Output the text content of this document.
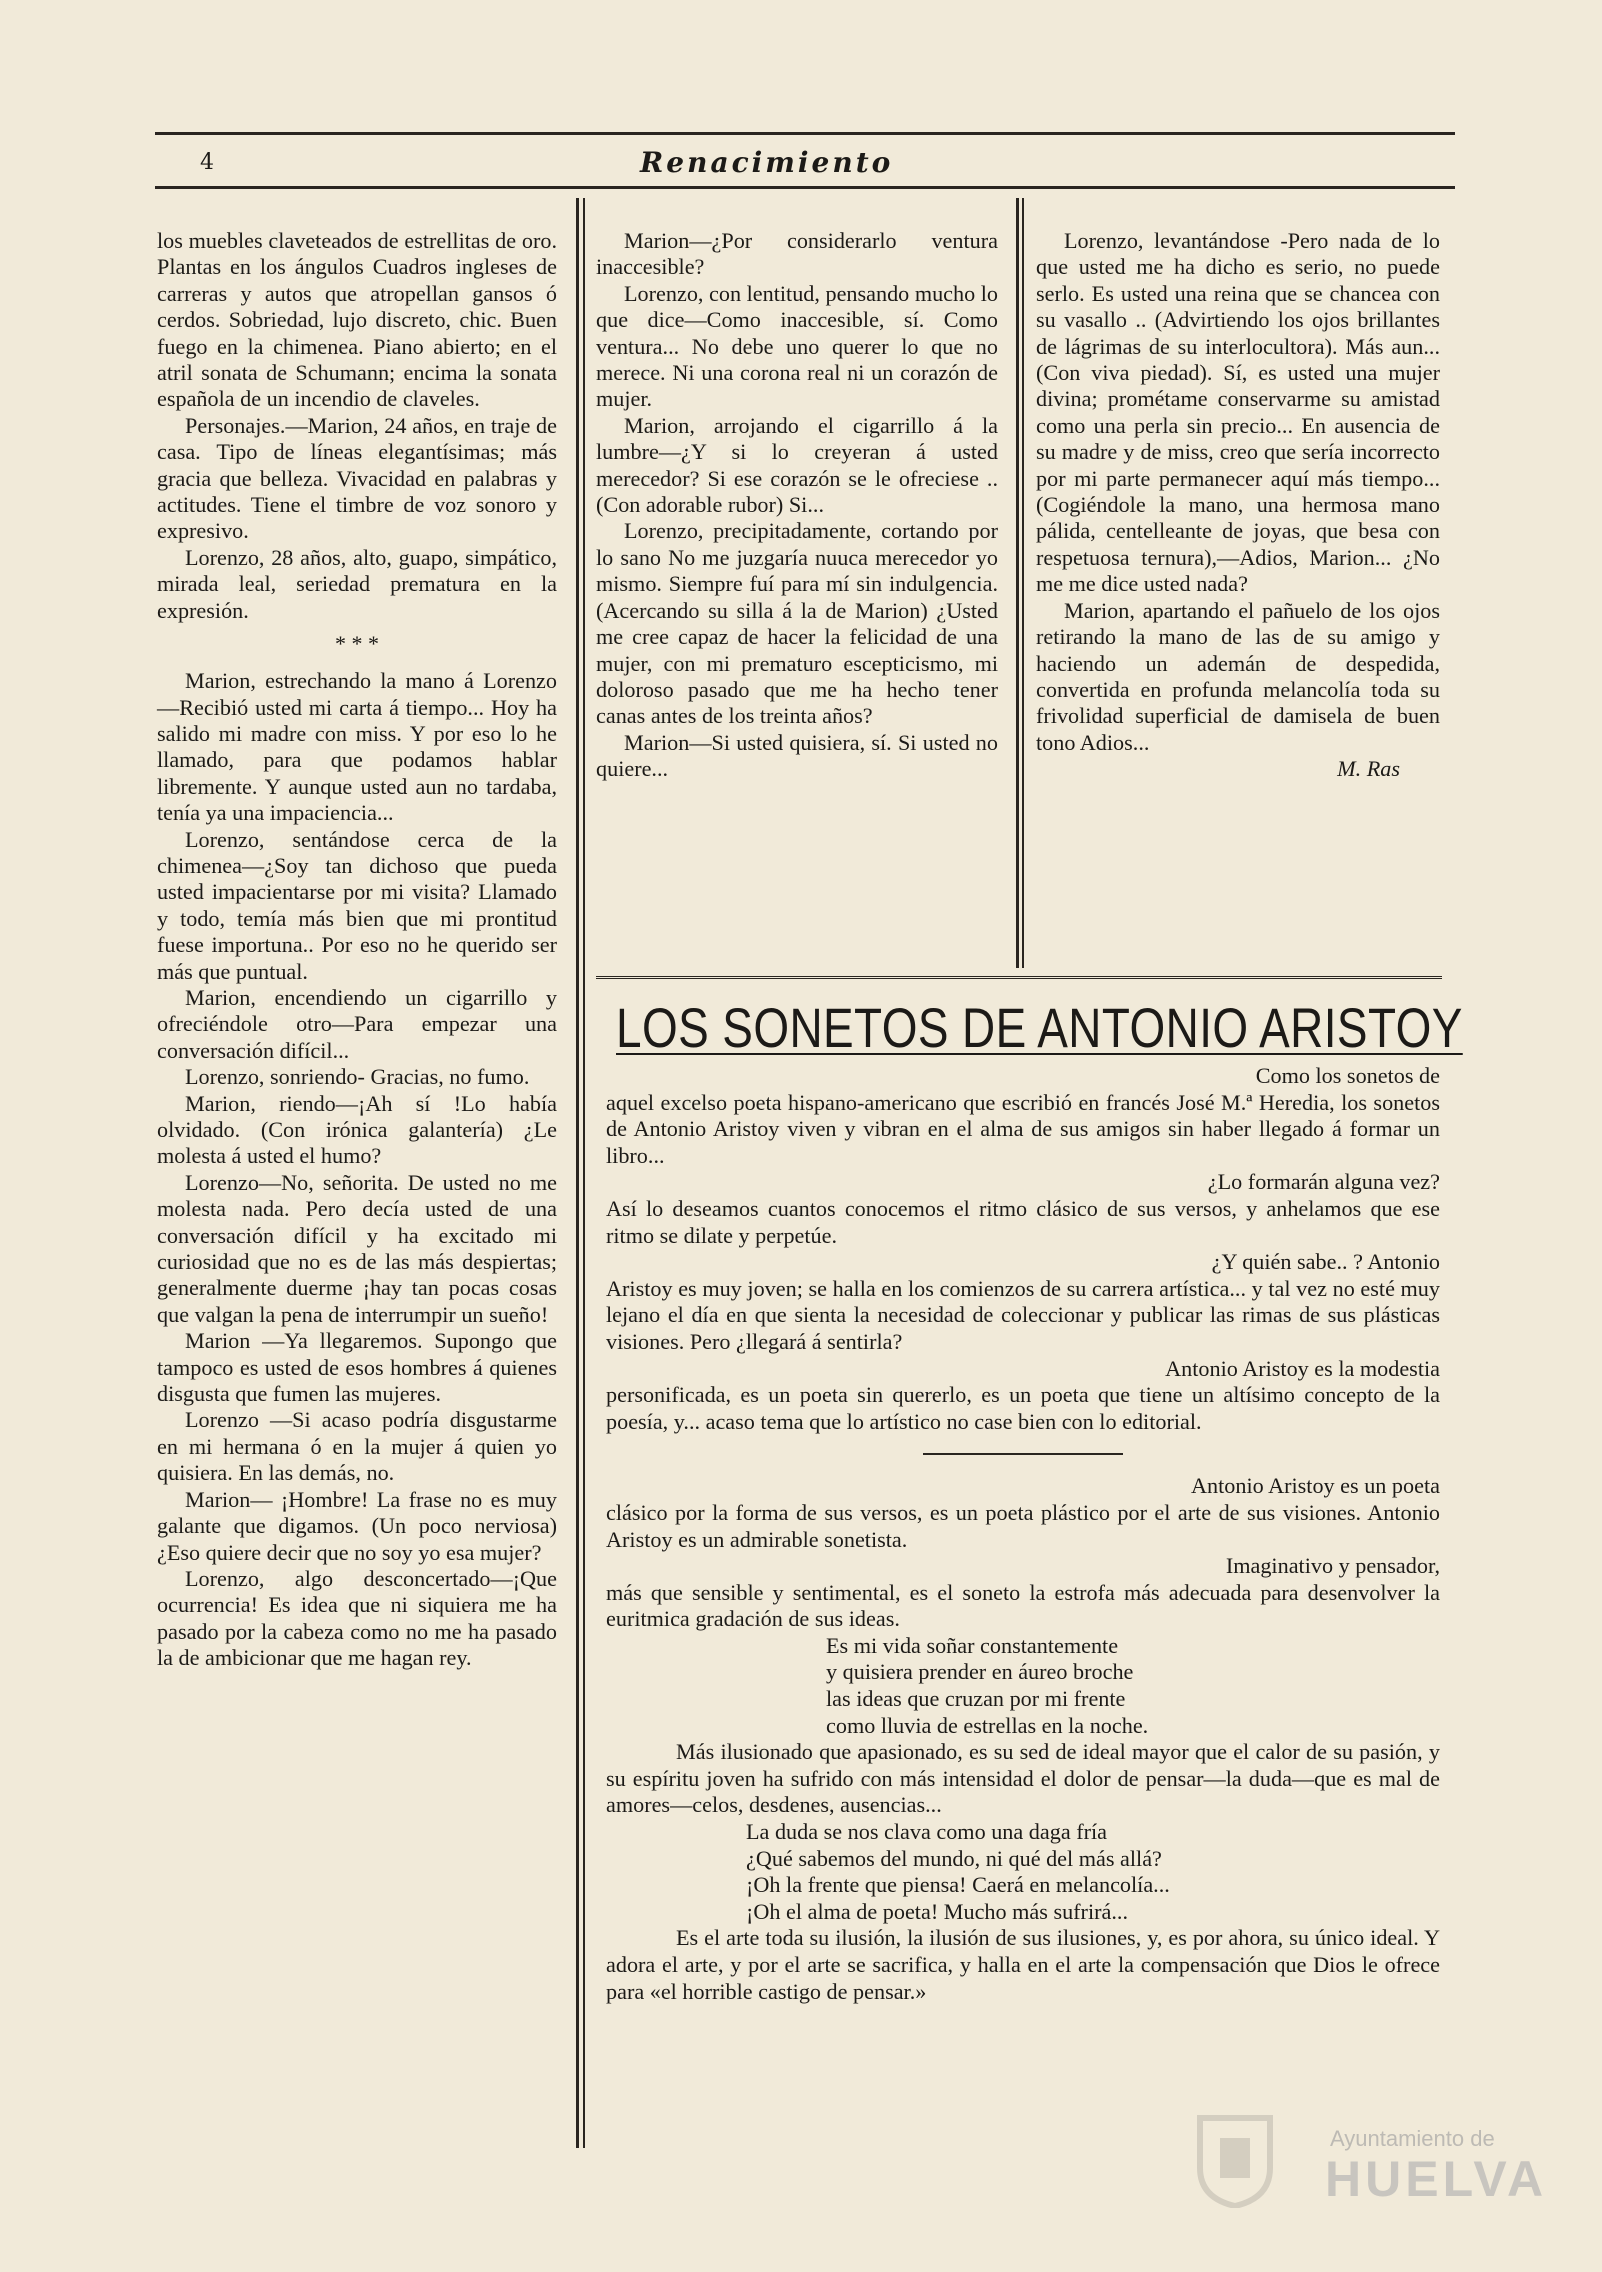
4	Renacimiento

los muebles claveteados de estrellitas de oro. Plantas en los ángulos Cuadros ingleses de carreras y autos que atropellan gansos ó cerdos. Sobriedad, lujo discreto, chic. Buen fuego en la chimenea. Piano abierto; en el atril sonata de Schumann; encima la sonata española de un incendio de claveles.

Personajes.—Marion, 24 años, en traje de casa. Tipo de líneas elegantísimas; más gracia que belleza. Vivacidad en palabras y actitudes. Tiene el timbre de voz sonoro y expresivo.

Lorenzo, 28 años, alto, guapo, simpático, mirada leal, seriedad prematura en la expresión.

* * *

Marion, estrechando la mano á Lorenzo—Recibió usted mi carta á tiempo... Hoy ha salido mi madre con miss. Y por eso lo he llamado, para que podamos hablar libremente. Y aunque usted aun no tardaba, tenía ya una impaciencia...

Lorenzo, sentándose cerca de la chimenea—¿Soy tan dichoso que pueda usted impacientarse por mi visita? Llamado y todo, temía más bien que mi prontitud fuese importuna.. Por eso no he querido ser más que puntual.

Marion, encendiendo un cigarrillo y ofreciéndole otro—Para empezar una conversación difícil...

Lorenzo, sonriendo- Gracias, no fumo.

Marion, riendo—¡Ah sí !Lo había olvidado. (Con irónica galantería) ¿Le molesta á usted el humo?

Lorenzo—No, señorita. De usted no me molesta nada. Pero decía usted de una conversación difícil y ha excitado mi curiosidad que no es de las más despiertas; generalmente duerme ¡hay tan pocas cosas que valgan la pena de interrumpir un sueño!

Marion —Ya llegaremos. Supongo que tampoco es usted de esos hombres á quienes disgusta que fumen las mujeres.

Lorenzo —Si acaso podría disgustarme en mi hermana ó en la mujer á quien yo quisiera. En las demás, no.

Marion— ¡Hombre! La frase no es muy galante que digamos. (Un poco nerviosa) ¿Eso quiere decir que no soy yo esa mujer?

Lorenzo, algo desconcertado—¡Que ocurrencia! Es idea que ni siquiera me ha pasado por la cabeza como no me ha pasado la de ambicionar que me hagan rey.

Marion—¿Por considerarlo ventura inaccesible?

Lorenzo, con lentitud, pensando mucho lo que dice—Como inaccesible, sí. Como ventura... No debe uno querer lo que no merece. Ni una corona real ni un corazón de mujer.

Marion, arrojando el cigarrillo á la lumbre—¿Y si lo creyeran á usted merecedor? Si ese corazón se le ofreciese .. (Con adorable rubor) Si...

Lorenzo, precipitadamente, cortando por lo sano No me juzgaría nuuca merecedor yo mismo. Siempre fuí para mí sin indulgencia. (Acercando su silla á la de Marion) ¿Usted me cree capaz de hacer la felicidad de una mujer, con mi prematuro escepticismo, mi doloroso pasado que me ha hecho tener canas antes de los treinta años?

Marion—Si usted quisiera, sí. Si usted no quiere...

Lorenzo, levantándose -Pero nada de lo que usted me ha dicho es serio, no puede serlo. Es usted una reina que se chancea con su vasallo .. (Advirtiendo los ojos brillantes de lágrimas de su interlocultora). Más aun... (Con viva piedad). Sí, es usted una mujer divina; prométame conservarme su amistad como una perla sin precio... En ausencia de su madre y de miss, creo que sería incorrecto por mi parte permanecer aquí más tiempo... (Cogiéndole la mano, una hermosa mano pálida, centelleante de joyas, que besa con respetuosa ternura),—Adios, Marion... ¿No me me dice usted nada?

Marion, apartando el pañuelo de los ojos retirando la mano de las de su amigo y haciendo un ademán de despedida, convertida en profunda melancolía toda su frivolidad superficial de damisela de buen tono Adios...

M. Ras
LOS SONETOS DE ANTONIO ARISTOY

Como los sonetos de

aquel excelso poeta hispano-americano que escribió en francés José M.ª Heredia, los sonetos de Antonio Aristoy viven y vibran en el alma de sus amigos sin haber llegado á formar un libro...

¿Lo formarán alguna vez?

Así lo deseamos cuantos conocemos el ritmo clásico de sus versos, y anhelamos que ese ritmo se dilate y perpetúe.

¿Y quién sabe.. ? Antonio

Aristoy es muy joven; se halla en los comienzos de su carrera artística... y tal vez no esté muy lejano el día en que sienta la necesidad de coleccionar y publicar las rimas de sus plásticas visiones. Pero ¿llegará á sentirla?

Antonio Aristoy es la modestia

personificada, es un poeta sin quererlo, es un poeta que tiene un altísimo concepto de la poesía, y... acaso tema que lo artístico no case bien con lo editorial.

Antonio Aristoy es un poeta

clásico por la forma de sus versos, es un poeta plástico por el arte de sus visiones. Antonio Aristoy es un admirable sonetista.

Imaginativo y pensador,

más que sensible y sentimental, es el soneto la estrofa más adecuada para desenvolver la euritmica gradación de sus ideas.

Es mi vida soñar constantemente

y quisiera prender en áureo broche

las ideas que cruzan por mi frente

como lluvia de estrellas en la noche.

Más ilusionado que apasionado, es su sed de ideal mayor que el calor de su pasión, y su espíritu joven ha sufrido con más intensidad el dolor de pensar—la duda—que es mal de amores—celos, desdenes, ausencias...

La duda se nos clava como una daga fría

¿Qué sabemos del mundo, ni qué del más allá?

¡Oh la frente que piensa! Caerá en melancolía...

¡Oh el alma de poeta! Mucho más sufrirá...

Es el arte toda su ilusión, la ilusión de sus ilusiones, y, es por ahora, su único ideal. Y adora el arte, y por el arte se sacrifica, y halla en el arte la compensación que Dios le ofrece para «el horrible castigo de pensar.»

Ayuntamiento de
HUELVA
